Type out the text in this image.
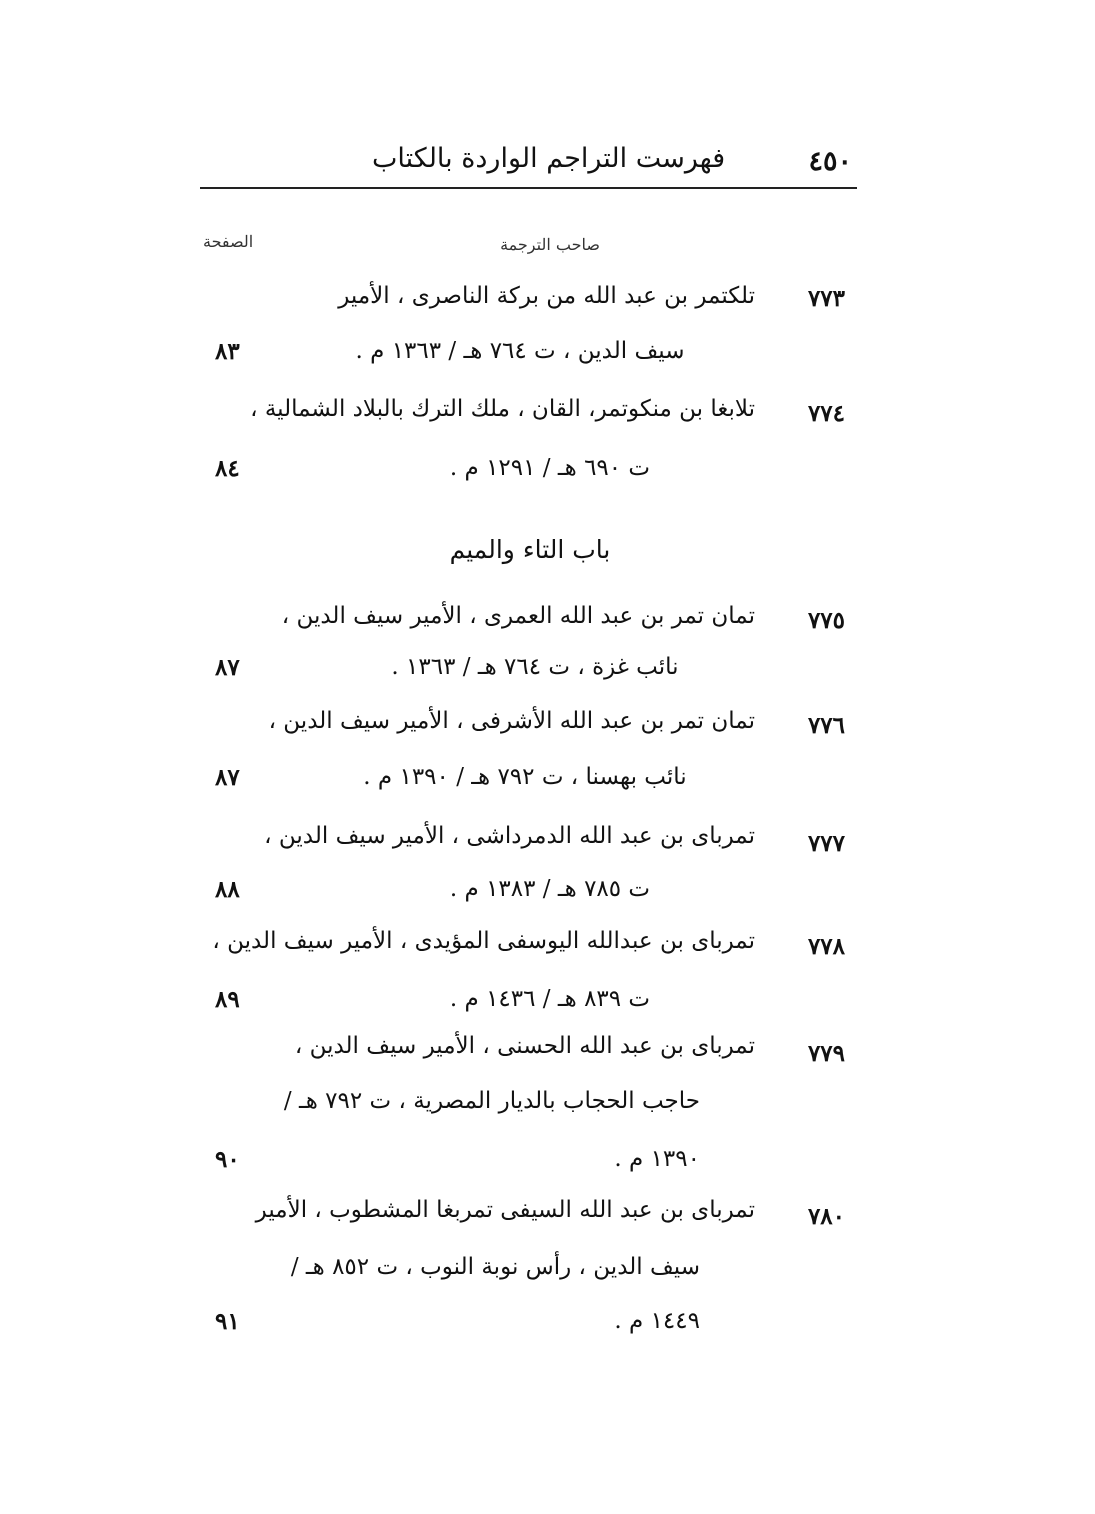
فهرست التراجم الواردة بالكتاب	٤٥٠
صاحب الترجمة
الصفحة
٧٧٣
تلكتمر بن عبد الله من بركة الناصرى ، الأمير
سيف الدين ، ت ٧٦٤ هـ / ١٣٦٣ م .
٨٣
٧٧٤
تلابغا بن منكوتمر، القان ، ملك الترك بالبلاد الشمالية ،
ت ٦٩٠ هـ / ١٢٩١ م .
٨٤
باب التاء والميم
٧٧٥
تمان تمر بن عبد الله العمرى ، الأمير سيف الدين ،
نائب غزة ، ت ٧٦٤ هـ / ١٣٦٣ .
٨٧
٧٧٦
تمان تمر بن عبد الله الأشرفى ، الأمير سيف الدين ،
نائب بهسنا ، ت ٧٩٢ هـ / ١٣٩٠ م .
٨٧
٧٧٧
تمرباى بن عبد الله الدمرداشى ، الأمير سيف الدين ،
ت ٧٨٥ هـ / ١٣٨٣ م .
٨٨
٧٧٨
تمرباى بن عبدالله اليوسفى المؤيدى ، الأمير سيف الدين ،
ت ٨٣٩ هـ / ١٤٣٦ م .
٨٩
٧٧٩
تمرباى بن عبد الله الحسنى ، الأمير سيف الدين ،
حاجب الحجاب بالديار المصرية ، ت ٧٩٢ هـ /
١٣٩٠ م .
٩٠
٧٨٠
تمرباى بن عبد الله السيفى تمربغا المشطوب ، الأمير
سيف الدين ، رأس نوبة النوب ، ت ٨٥٢ هـ /
١٤٤٩ م .
٩١
